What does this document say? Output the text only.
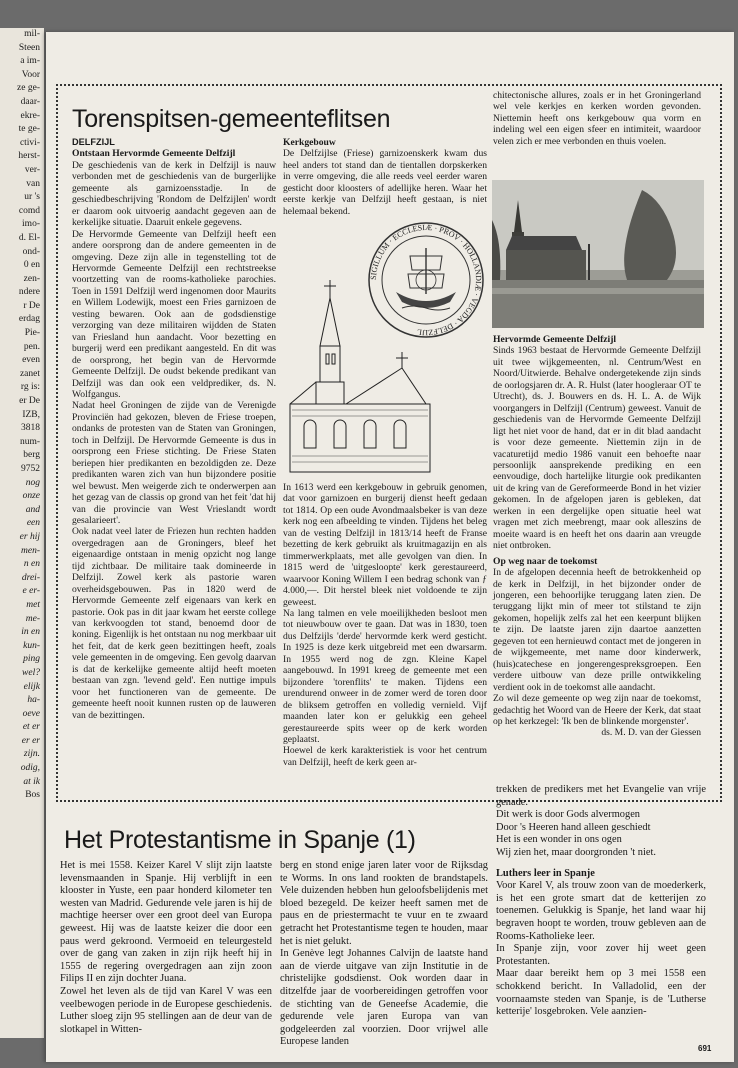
mil-
Steen
a im-
Voor
ze ge-
daar-
ekre-
te ge-
ctivi-
herst-
ver-
van
ur 's
comd
imo-
d. El-
ond-
0 en
zen-
ndere
r De
erdag
Pie-
pen.
even
zanet
rg is:
er De
IZB,
3818
num-
berg
9752
nog
onze
and
een
er hij
men-
n en
drei-
e er-
met
me-
in en
kun-
ping
wel?
elijk
ha-
oeve
et er
er er
zijn.
odig,
at ik
Bos
Torenspitsen-gemeenteflitsen
DELFZIJL
Ontstaan Hervormde Gemeente Delfzijl

De geschiedenis van de kerk in Delfzijl is nauw verbonden met de geschiedenis van de burgerlijke gemeente als garnizoensstadje. In de geschiedbeschrijving 'Rondom de Delfzijlen' wordt er daarom ook uitvoerig aandacht gegeven aan de kerkelijke situatie. Daaruit enkele gegevens.

De Hervormde Gemeente van Delfzijl heeft een andere oorsprong dan de andere gemeenten in de omgeving. Deze zijn alle in tegenstelling tot de Hervormde Gemeente Delfzijl een rechtstreekse voortzetting van de rooms-katholieke parochies. Toen in 1591 Delfzijl werd ingenomen door Maurits en Willem Lodewijk, moest een Fries garnizoen de vesting bewaren. Ook aan de godsdienstige verzorging van deze militairen wijdden de Staten van Friesland hun aandacht. Voor bezetting en burgerij werd een predikant aangesteld. En dit was de oorsprong, het begin van de Hervormde Gemeente Delfzijl. De oudst bekende predikant van Delfzijl was dan ook een veldprediker, ds. N. Wolfgangus.

Nadat heel Groningen de zijde van de Verenigde Provinciën had gekozen, bleven de Friese troepen, ondanks de protesten van de Staten van Groningen, toch in Delfzijl. De Hervormde Gemeente is dus in oorsprong een Friese stichting. De Friese Staten beriepen hier predikanten en bezoldigden ze. Deze predikanten waren zich van hun bijzondere positie wel bewust. Men weigerde zich te onderwerpen aan het gezag van de classis op grond van het feit 'dat hij van die provincie van West Vrieslandt wordt gesalarieert'.

Ook nadat veel later de Friezen hun rechten hadden overgedragen aan de Groningers, bleef het eigenaardige ontstaan in menig opzicht nog lange tijd zichtbaar. De militaire taak domineerde in Delfzijl. Zowel kerk als pastorie waren overheidsgebouwen. Pas in 1820 werd de Hervormde Gemeente zelf eigenaars van kerk en pastorie. Ook pas in dit jaar kwam het eerste college van kerkvoogden tot stand, benoemd door de koning. Eigenlijk is het ontstaan nu nog merkbaar uit het feit, dat de kerk geen bezittingen heeft, zoals vele gemeenten in de omgeving. Een gevolg daarvan is dat de kerkelijke gemeente altijd heeft moeten bestaan van zgn. 'levend geld'. Een nuttige impuls voor het functioneren van de gemeente. De gemeente heeft nooit kunnen rusten op de lauweren van de bezittingen.

Kerkgebouw

De Delfzijlse (Friese) garnizoenskerk kwam dus heel anders tot stand dan de tientallen dorpskerken in verre omgeving, die alle reeds veel eerder waren gesticht door kloosters of adellijke heren. Waar het eerste kerkje van Delfzijl heeft gestaan, is niet helemaal bekend.

SIGILLUM · ECCLESIÆ · PROV · HOLLANDIÆ · VEGDA · DELFZIJL

In 1613 werd een kerkgebouw in gebruik genomen, dat voor garnizoen en burgerij dienst heeft gedaan tot 1814. Op een oude Avondmaalsbeker is van deze kerk nog een afbeelding te vinden. Tijdens het beleg van de vesting Delfzijl in 1813/14 heeft de Franse bezetting de kerk gebruikt als kruitmagazijn en als timmerwerkplaats, met alle gevolgen van dien. In 1815 werd de 'uitgesloopte' kerk gerestaureerd, waarvoor Koning Willem I een bedrag schonk van ƒ 4.000,—. Dit herstel bleek niet voldoende te zijn geweest.

Na lang talmen en vele moeilijkheden besloot men tot nieuwbouw over te gaan. Dat was in 1830, toen dus Delfzijls 'derde' hervormde kerk werd gesticht. In 1925 is deze kerk uitgebreid met een dwarsarm. In 1955 werd nog de zgn. Kleine Kapel aangebouwd. In 1991 kreeg de gemeente met een bijzondere 'torenflits' te maken. Tijdens een urendurend onweer in de zomer werd de toren door de bliksem getroffen en volledig vernield. Vijf maanden later kon er gelukkig een geheel gerestaureerde spits weer op de kerk worden geplaatst.

Hoewel de kerk karakteristiek is voor het centrum van Delfzijl, heeft de kerk geen ar-

chitectonische allures, zoals er in het Groningerland wel vele kerkjes en kerken worden gevonden. Niettemin heeft ons kerkgebouw qua vorm en indeling wel een eigen sfeer en intimiteit, waardoor velen zich er mee verbonden en thuis voelen.

Hervormde Gemeente Delfzijl

Sinds 1963 bestaat de Hervormde Gemeente Delfzijl uit twee wijkgemeenten, nl. Centrum/West en Noord/Uitwierde. Behalve ondergetekende zijn sinds de oorlogsjaren dr. A. R. Hulst (later hoogleraar OT te Utrecht), ds. J. Bouwers en ds. H. L. A. de Wijk voorgangers in Delfzijl (Centrum) geweest. Vanuit de geschiedenis van de Hervormde Gemeente Delfzijl ligt het niet voor de hand, dat er in dit blad aandacht is voor deze gemeente. Niettemin zijn in de vacaturetijd medio 1986 vanuit een behoefte naar persoonlijk aansprekende prediking en een eenvoudige, doch hartelijke liturgie ook predikanten uit de kring van de Gereformeerde Bond in het vizier gekomen. In de afgelopen jaren is gebleken, dat werken in een dergelijke open situatie heel wat vragen met zich meebrengt, maar ook alleszins de moeite waard is en heeft het ons daarin aan vreugde niet ontbroken.

Op weg naar de toekomst

In de afgelopen decennia heeft de betrokkenheid op de kerk in Delfzijl, in het bijzonder onder de jongeren, een behoorlijke teruggang laten zien. De teruggang lijkt min of meer tot stilstand te zijn gekomen, hopelijk zelfs zal het een keerpunt blijken te zijn. De laatste jaren zijn daartoe aanzetten gegeven tot een hernieuwd contact met de jongeren in de wijkgemeente, met name door kinderwerk, (huis)catechese en jongerengespreksgroepen. Een verdere uitbouw van deze prille ontwikkeling verdient ook in de toekomst alle aandacht.

Zo wil deze gemeente op weg zijn naar de toekomst, gedachtig het Woord van de Heere der Kerk, dat staat op het kerkzegel: 'Ik ben de blinkende morgenster'.

ds. M. D. van der Giessen

Het Protestantisme in Spanje (1)

Het is mei 1558. Keizer Karel V slijt zijn laatste levensmaanden in Spanje. Hij verblijft in een klooster in Yuste, een paar honderd kilometer ten westen van Madrid. Gedurende vele jaren is hij de machtige heerser over een groot deel van Europa geweest. Hij was de laatste keizer die door een paus werd gekroond. Vermoeid en teleurgesteld over de gang van zaken in zijn rijk heeft hij in 1555 de regering overgedragen aan zijn zoon Filips II en zijn dochter Juana.

Zowel het leven als de tijd van Karel V was een veelbewogen periode in de Europese geschiedenis. Luther sloeg zijn 95 stellingen aan de deur van de slotkapel in Witten-

berg en stond enige jaren later voor de Rijksdag te Worms. In ons land rookten de brandstapels. Vele duizenden hebben hun geloofsbelijdenis met bloed bezegeld. De keizer heeft samen met de paus en de priestermacht te vuur en te zwaard getracht het Protestantisme tegen te houden, maar het is niet gelukt.

In Genève legt Johannes Calvijn de laatste hand aan de vierde uitgave van zijn Institutie in de christelijke godsdienst. Ook worden daar in ditzelfde jaar de voorbereidingen getroffen voor de stichting van de Geneefse Academie, die gedurende vele jaren Europa van van godgeleerden zal voorzien. Door vrijwel alle Europese landen

trekken de predikers met het Evangelie van vrije genade.

Dit werk is door Gods alvermogen

Door 's Heeren hand alleen geschiedt

Het is een wonder in ons ogen

Wij zien het, maar doorgronden 't niet.

Luthers leer in Spanje

Voor Karel V, als trouw zoon van de moederkerk, is het een grote smart dat de ketterijen zo toenemen. Gelukkig is Spanje, het land waar hij begraven hoopt te worden, trouw gebleven aan de Rooms-Katholieke leer.

In Spanje zijn, voor zover hij weet geen Protestanten.

Maar daar bereikt hem op 3 mei 1558 een schokkend bericht. In Valladolid, een der voornaamste steden van Spanje, is de 'Lutherse ketterije' losgebroken. Vele aanzien-

691
